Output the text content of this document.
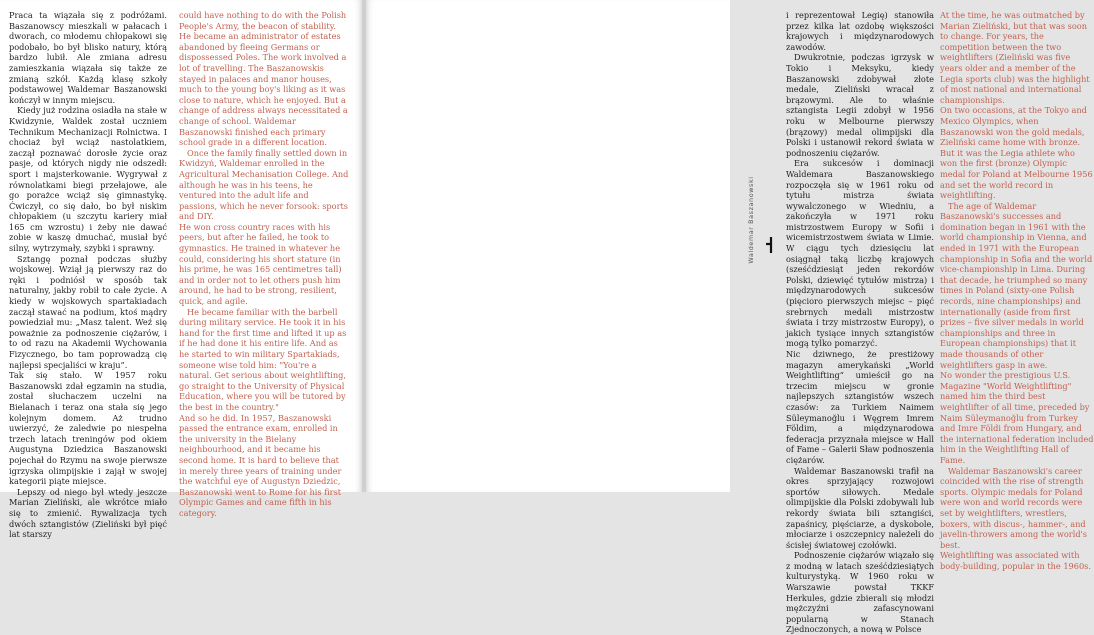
Praca ta wiązała się z podróżami. Baszanowscy mieszkali w pałacach i dworach, co młodemu chłopakowi się podobało, bo był blisko natury, którą bardzo lubił. Ale zmiana adresu zamieszkania wiązała się także ze zmianą szkół. Każdą klasę szkoły podstawowej Waldemar Baszanowski kończył w innym miejscu.

Kiedy już rodzina osiadła na stałe w Kwidzynie, Waldek został uczniem Technikum Mechanizacji Rolnictwa. I chociaż był wciąż nastolatkiem, zaczął poznawać dorosłe życie oraz pasje, od których nigdy nie odszedł: sport i majsterkowanie. Wygrywał z równolatkami biegi przełajowe, ale go porażce wciąż się gimnastykę. Ćwiczył, co się dało, bo był niskim chłopakiem (u szczytu kariery miał 165 cm wzrostu) i żeby nie dawać zobie w kaszę dmuchać, musiał być silny, wytrzymały, szybki i sprawny.

Sztangę poznał podczas służby wojskowej. Wziął ją pierwszy raz do ręki i podniósł w sposób tak naturalny, jakby robił to całe życie. A kiedy w wojskowych spartakiadach zaczął stawać na podium, ktoś mądry powiedział mu: „Masz talent. Weź się poważnie za podnoszenie ciężarów, i to od razu na Akademii Wychowania Fizycznego, bo tam poprowadzą cię najlepsi specjaliści w kraju”.

Tak się stało. W 1957 roku Baszanowski zdał egzamin na studia, został słuchaczem uczelni na Bielanach i teraz ona stała się jego kolejnym domem. Aż trudno uwierzyć, że zaledwie po niespełna trzech latach treningów pod okiem Augustyna Dziedzica Baszanowski pojechał do Rzymu na swoje pierwsze igrzyska olimpijskie i zajął w swojej kategorii piąte miejsce.

Lepszy od niego był wtedy jeszcze Marian Zieliński, ale wkrótce miało się to zmienić. Rywalizacja tych dwóch sztangistów (Zieliński był pięć lat starszy

could have nothing to do with the Polish People's Army, the beacon of stability. He became an administrator of estates abandoned by fleeing Germans or dispossessed Poles. The work involved a lot of travelling. The Baszanowskis stayed in palaces and manor houses, much to the young boy's liking as it was close to nature, which he enjoyed. But a change of address always necessitated a change of school. Waldemar Baszanowski finished each primary school grade in a different location.

Once the family finally settled down in Kwidzyń, Waldemar enrolled in the Agricultural Mechanisation College. And although he was in his teens, he ventured into the adult life and passions, which he never forsook: sports and DIY.

He won cross country races with his peers, but after he failed, he took to gymnastics. He trained in whatever he could, considering his short stature (in his prime, he was 165 centimetres tall) and in order not to let others push him around, he had to be strong, resilient, quick, and agile.

He became familiar with the barbell during military service. He took it in his hand for the first time and lifted it up as if he had done it his entire life. And as he started to win military Spartakiads, someone wise told him: "You're a natural. Get serious about weightlifting, go straight to the University of Physical Education, where you will be tutored by the best in the country."

And so he did. In 1957, Baszanowski passed the entrance exam, enrolled in the university in the Bielany neighbourhood, and it became his second home. It is hard to believe that in merely three years of training under the watchful eye of Augustyn Dziedzic, Baszanowski went to Rome for his first Olympic Games and came fifth in his category.

Waldemar Baszanowski

i reprezentował Legię) stanowiła przez kilka lat ozdobę większości krajowych i międzynarodowych zawodów.

Dwukrotnie, podczas igrzysk w Tokio i Meksyku, kiedy Baszanowski zdobywał złote medale, Zieliński wracał z brązowymi. Ale to właśnie sztangista Legii zdobył w 1956 roku w Melbourne pierwszy (brązowy) medal olimpijski dla Polski i ustanowił rekord świata w podnoszeniu ciężarów.

Era sukcesów i dominacji Waldemara Baszanowskiego rozpoczęła się w 1961 roku od tytułu mistrza świata wywalczonego w Wiedniu, a zakończyła w 1971 roku mistrzostwem Europy w Sofii i wicemistrzostwem świata w Limie. W ciągu tych dziesięciu lat osiągnął taką liczbę krajowych (sześćdziesiąt jeden rekordów Polski, dziewięć tytułów mistrza) i międzynarodowych sukcesów (pięcioro pierwszych miejsc – pięć srebrnych medali mistrzostw świata i trzy mistrzostw Europy), o jakich tysiące innych sztangistów mogą tylko pomarzyć.

Nic dziwnego, że prestiżowy magazyn amerykański „World Weightlifting” umieścił go na trzecim miejscu w gronie najlepszych sztangistów wszech czasów: za Turkiem Naimem Süleymanoğlu i Węgrem Imrem Földim, a międzynarodowa federacja przyznała miejsce w Hall of Fame – Galerii Sław podnoszenia ciężarów.

Waldemar Baszanowski trafił na okres sprzyjający rozwojowi sportów siłowych. Medale olimpijskie dla Polski zdobywali lub rekordy świata bili sztangiści, zapaśnicy, pięściarze, a dyskobole, młociarze i oszczepnicy należeli do ścisłej światowej czołówki.

Podnoszenie ciężarów wiązało się z modną w latach sześćdziesiątych kulturystyką. W 1960 roku w Warszawie powstał TKKF Herkules, gdzie zbierali się młodzi mężczyźni zafascynowani popularną w Stanach Zjednoczonych, a nową w Polsce

At the time, he was outmatched by Marian Zieliński, but that was soon to change. For years, the competition between the two weightlifters (Zieliński was five years older and a member of the Legia sports club) was the highlight of most national and international championships.

On two occasions, at the Tokyo and Mexico Olympics, when Baszanowski won the gold medals, Zieliński came home with bronze. But it was the Legia athlete who won the first (bronze) Olympic medal for Poland at Melbourne 1956 and set the world record in weightlifting.

The age of Waldemar Baszanowski's successes and domination began in 1961 with the world championship in Vienna, and ended in 1971 with the European championship in Sofia and the world vice-championship in Lima. During that decade, he triumphed so many times in Poland (sixty-one Polish records, nine championships) and internationally (aside from first prizes – five silver medals in world championships and three in European championships) that it made thousands of other weightlifters gasp in awe.

No wonder the prestigious U.S. Magazine "World Weightlifting" named him the third best weightlifter of all time, preceded by Naim Süleymanoğlu from Turkey and Imre Földi from Hungary, and the international federation included him in the Weightlifting Hall of Fame.

Waldemar Baszanowski's career coincided with the rise of strength sports. Olympic medals for Poland were won and world records were set by weightlifters, wrestlers, boxers, with discus-, hammer-, and javelin-throwers among the world's best.

Weightlifting was associated with body-building, popular in the 1960s.
